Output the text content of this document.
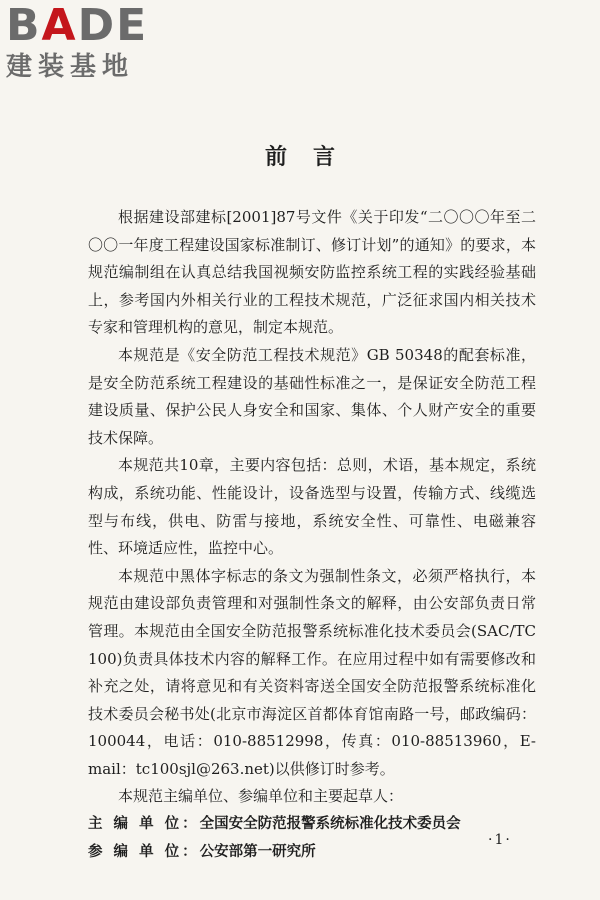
BADE
建装基地
前言

根据建设部建标[2001]87号文件《关于印发“二〇〇〇年至二〇〇一年度工程建设国家标准制订、修订计划”的通知》的要求，本规范编制组在认真总结我国视频安防监控系统工程的实践经验基础上，参考国内外相关行业的工程技术规范，广泛征求国内相关技术专家和管理机构的意见，制定本规范。

本规范是《安全防范工程技术规范》GB 50348的配套标准，是安全防范系统工程建设的基础性标准之一，是保证安全防范工程建设质量、保护公民人身安全和国家、集体、个人财产安全的重要技术保障。

本规范共10章，主要内容包括：总则，术语，基本规定，系统构成，系统功能、性能设计，设备选型与设置，传输方式、线缆选型与布线，供电、防雷与接地，系统安全性、可靠性、电磁兼容性、环境适应性，监控中心。

本规范中黑体字标志的条文为强制性条文，必须严格执行，本规范由建设部负责管理和对强制性条文的解释，由公安部负责日常管理。本规范由全国安全防范报警系统标准化技术委员会(SAC/TC 100)负责具体技术内容的解释工作。在应用过程中如有需要修改和补充之处，请将意见和有关资料寄送全国安全防范报警系统标准化技术委员会秘书处(北京市海淀区首都体育馆南路一号，邮政编码：100044，电话：010-88512998，传真：010-88513960，E-mail：tc100sjl@263.net)以供修订时参考。

本规范主编单位、参编单位和主要起草人：

主 编 单 位：全国安全防范报警系统标准化技术委员会
参 编 单 位：公安部第一研究所
·1·
